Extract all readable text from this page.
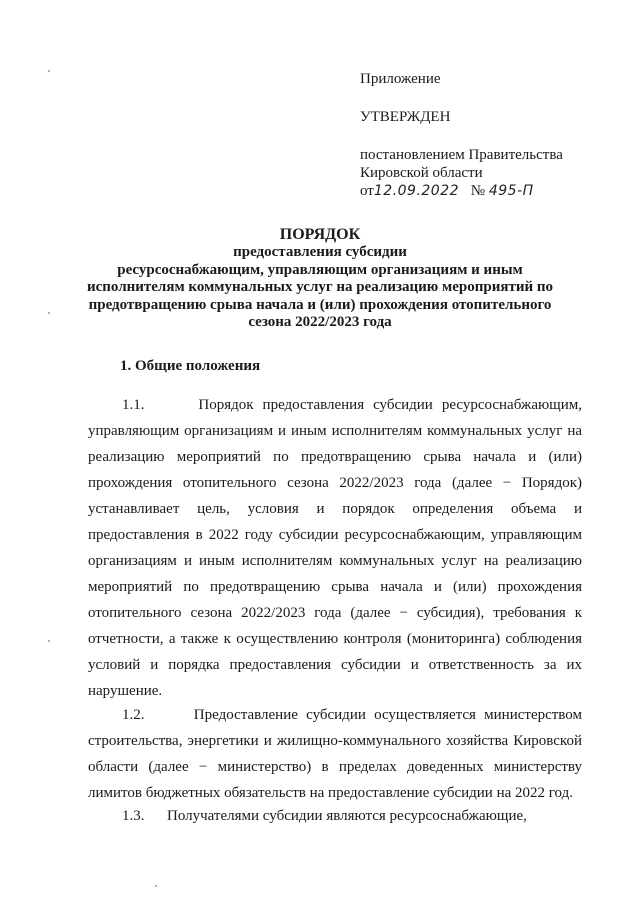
Приложение
УТВЕРЖДЕН
постановлением Правительства
Кировской области
от12.09.2022 № 495-П
ПОРЯДОК
предоставления субсидии
ресурсоснабжающим, управляющим организациям и иным
исполнителям коммунальных услуг на реализацию мероприятий по
предотвращению срыва начала и (или) прохождения отопительного
сезона 2022/2023 года
1. Общие положения
1.1.	Порядок предоставления субсидии ресурсоснабжающим, управляющим организациям и иным исполнителям коммунальных услуг на реализацию мероприятий по предотвращению срыва начала и (или) прохождения отопительного сезона 2022/2023 года (далее − Порядок) устанавливает цель, условия и порядок определения объема и предоставления в 2022 году субсидии ресурсоснабжающим, управляющим организациям и иным исполнителям коммунальных услуг на реализацию мероприятий по предотвращению срыва начала и (или) прохождения отопительного сезона 2022/2023 года (далее − субсидия), требования к отчетности, а также к осуществлению контроля (мониторинга) соблюдения условий и порядка предоставления субсидии и ответственность за их нарушение.
1.2.	Предоставление субсидии осуществляется министерством строительства, энергетики и жилищно-коммунального хозяйства Кировской области (далее − министерство) в пределах доведенных министерству лимитов бюджетных обязательств на предоставление субсидии на 2022 год.
1.3. Получателями субсидии являются ресурсоснабжающие,
